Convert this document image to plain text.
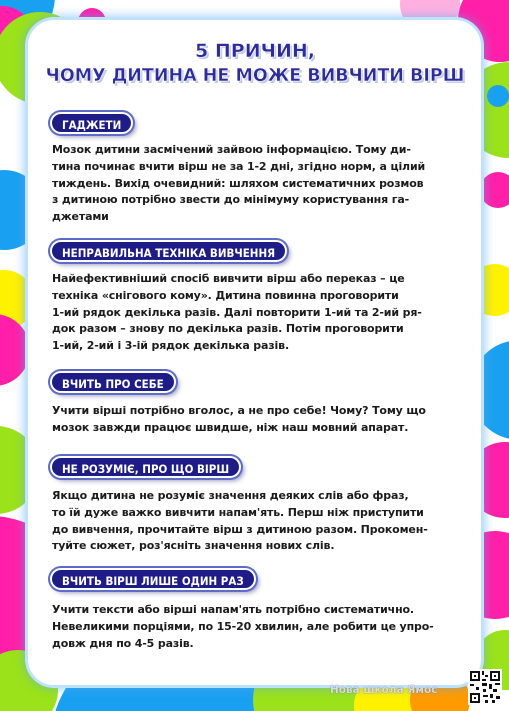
5 ПРИЧИН,
ЧОМУ ДИТИНА НЕ МОЖЕ ВИВЧИТИ ВІРШ
ГАДЖЕТИ
Мозок дитини засмічений зайвою інформацією. Тому ди-
тина починає вчити вірш не за 1-2 дні, згідно норм, а цілий
тиждень. Вихід очевидний: шляхом систематичних розмов
з дитиною потрібно звести до мінімуму користування га-
джетами
НЕПРАВИЛЬНА ТЕХНІКА ВИВЧЕННЯ
Найефективніший спосіб вивчити вірш або переказ – це
техніка «снігового кому». Дитина повинна проговорити
1-ий рядок декілька разів. Далі повторити 1-ий та 2-ий ря-
док разом – знову по декілька разів. Потім проговорити
1-ий, 2-ий і 3-ій рядок декілька разів.
ВЧИТЬ ПРО СЕБЕ
Учити вірші потрібно вголос, а не про себе! Чому? Тому що
мозок завжди працює швидше, ніж наш мовний апарат.
НЕ РОЗУМІЄ, ПРО ЩО ВІРШ
Якщо дитина не розуміє значення деяких слів або фраз,
то їй дуже важко вивчити напам'ять. Перш ніж приступити
до вивчення, прочитайте вірш з дитиною разом. Прокомен-
туйте сюжет, роз'ясніть значення нових слів.
ВЧИТЬ ВІРШ ЛИШЕ ОДИН РАЗ
Учити тексти або вірші напам'ять потрібно систематично.
Невеликими порціями, по 15-20 хвилин, але робити це упро-
довж дня по 4-5 разів.
Нова школа Ямос
